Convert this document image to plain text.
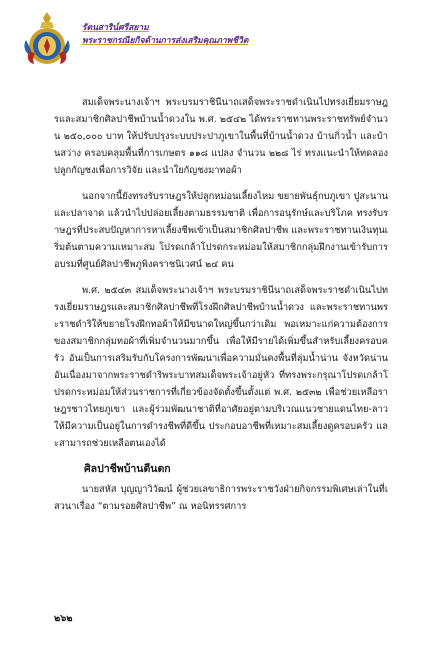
รัตนสาริน์ศรีสยาม
พระราชกรณียกิจด้านการส่งเสริมคุณภาพชีวิต

สมเด็จพระนางเจ้าฯ พระบรมราชินีนาถเสด็จพระราชดำเนินไปทรงเยี่ยมราษฎรและสมาชิกศิลปาชีพบ้านน้ำดวงใน พ.ศ. ๒๕๔๒ ได้พระราชทานพระราชทรัพย์จำนวน ๒๕๐,๐๐๐ บาท ให้ปรับปรุงระบบประปาภูเขาในพื้นที่บ้านน้ำดวง บ้านกิ่วน้ำ และบ้านสว่าง ครอบคลุมพื้นที่การเกษตร ๑๑๘ แปลง จำนวน ๒๒๘ ไร่ ทรงแนะนำให้ทดลองปลูกกัญชงเพื่อการวิจัย และนำใยกัญชงมาทอผ้า

นอกจากนี้ยังทรงรับราษฎรให้ปลูกหม่อนเลี้ยงไหม ขยายพันธุ์กบภูเขา ปูสะนาน และปลาจาด แล้วนำไปปล่อยเลี้ยงตามธรรมชาติ เพื่อการอนุรักษ์และบริโภค ทรงรับราษฎรที่ประสบปัญหาการหาเลี้ยงชีพเข้าเป็นสมาชิกศิลปาชีพ และพระราชทานเงินทุนเริ่มต้นตามความเหมาะสม โปรดเกล้าโปรดกระหม่อมให้สมาชิกกลุ่มฝึกงานเข้ารับการอบรมที่ศูนย์ศิลปาชีพภูพิงคราชนิเวศน์ ๒๔ คน

พ.ศ. ๒๕๔๓ สมเด็จพระนางเจ้าฯ พระบรมราชินีนาถเสด็จพระราชดำเนินไปทรงเยี่ยมราษฎรและสมาชิกศิลปาชีพที่โรงฝึกศิลปาชีพบ้านน้ำดวง และพระราชทานพระราชดำริให้ขยายโรงฝึกทอผ้าให้มีขนาดใหญ่ขึ้นกว่าเดิม พอเหมาะแก่ความต้องการของสมาชิกกลุ่มทอผ้าที่เพิ่มจำนวนมากขึ้น เพื่อให้มีรายได้เพิ่มขึ้นสำหรับเลี้ยงครอบครัว อันเป็นการเสริมรับกับโครงการพัฒนาเพื่อความมั่นคงพื้นที่ลุ่มน้ำน่าน จังหวัดน่าน อันเนื่องมาจากพระราชดำริพระบาทสมเด็จพระเจ้าอยู่หัว ที่ทรงพระกรุณาโปรดเกล้าโปรดกระหม่อมให้ส่วนราชการที่เกี่ยวข้องจัดตั้งขึ้นตั้งแต่ พ.ศ. ๒๕๓๒ เพื่อช่วยเหลือราษฎรชาวไทยภูเขา และผู้ร่วมพัฒนาชาติที่อาศัยอยู่ตามบริเวณแนวชายแดนไทย-ลาว ให้มีความเป็นอยู่ในการดำรงชีพที่ดีขึ้น ประกอบอาชีพที่เหมาะสมเลี้ยงดูครอบครัว และสามารถช่วยเหลือตนเองได้

ศิลปาชีพบ้านตีนตก

นายสหัส บุญญาวิวัฒน์ ผู้ช่วยเลขาธิการพระราชวังฝ่ายกิจกรรมพิเศษเล่าในที่เสวนาเรื่อง “ตามรอยศิลปาชีพ” ณ หอนิทรรศการ

๒๖๒
